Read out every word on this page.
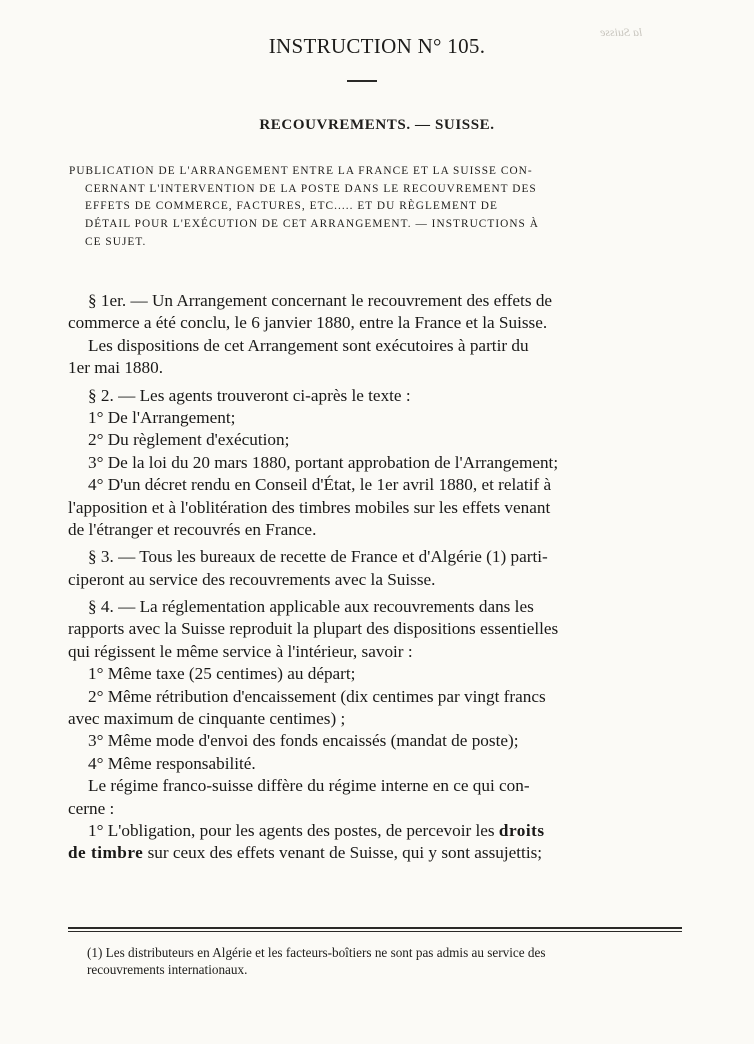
la Suisse
INSTRUCTION N° 105.
RECOUVREMENTS. — SUISSE.
PUBLICATION DE L'ARRANGEMENT ENTRE LA FRANCE ET LA SUISSE CON-
CERNANT L'INTERVENTION DE LA POSTE DANS LE RECOUVREMENT DES
EFFETS DE COMMERCE, FACTURES, ETC..... ET DU RÈGLEMENT DE
DÉTAIL POUR L'EXÉCUTION DE CET ARRANGEMENT. — INSTRUCTIONS À
CE SUJET.
§ 1er. — Un Arrangement concernant le recouvrement des effets de
commerce a été conclu, le 6 janvier 1880, entre la France et la Suisse.
Les dispositions de cet Arrangement sont exécutoires à partir du
1er mai 1880.
§ 2. — Les agents trouveront ci-après le texte :
1° De l'Arrangement;
2° Du règlement d'exécution;
3° De la loi du 20 mars 1880, portant approbation de l'Arrangement;
4° D'un décret rendu en Conseil d'État, le 1er avril 1880, et relatif à
l'apposition et à l'oblitération des timbres mobiles sur les effets venant
de l'étranger et recouvrés en France.
§ 3. — Tous les bureaux de recette de France et d'Algérie (1) parti-
ciperont au service des recouvrements avec la Suisse.
§ 4. — La réglementation applicable aux recouvrements dans les
rapports avec la Suisse reproduit la plupart des dispositions essentielles
qui régissent le même service à l'intérieur, savoir :
1° Même taxe (25 centimes) au départ;
2° Même rétribution d'encaissement (dix centimes par vingt francs
avec maximum de cinquante centimes) ;
3° Même mode d'envoi des fonds encaissés (mandat de poste);
4° Même responsabilité.
Le régime franco-suisse diffère du régime interne en ce qui con-
cerne :
1° L'obligation, pour les agents des postes, de percevoir les droits
de timbre sur ceux des effets venant de Suisse, qui y sont assujettis;
(1) Les distributeurs en Algérie et les facteurs-boîtiers ne sont pas admis au service des
recouvrements internationaux.
